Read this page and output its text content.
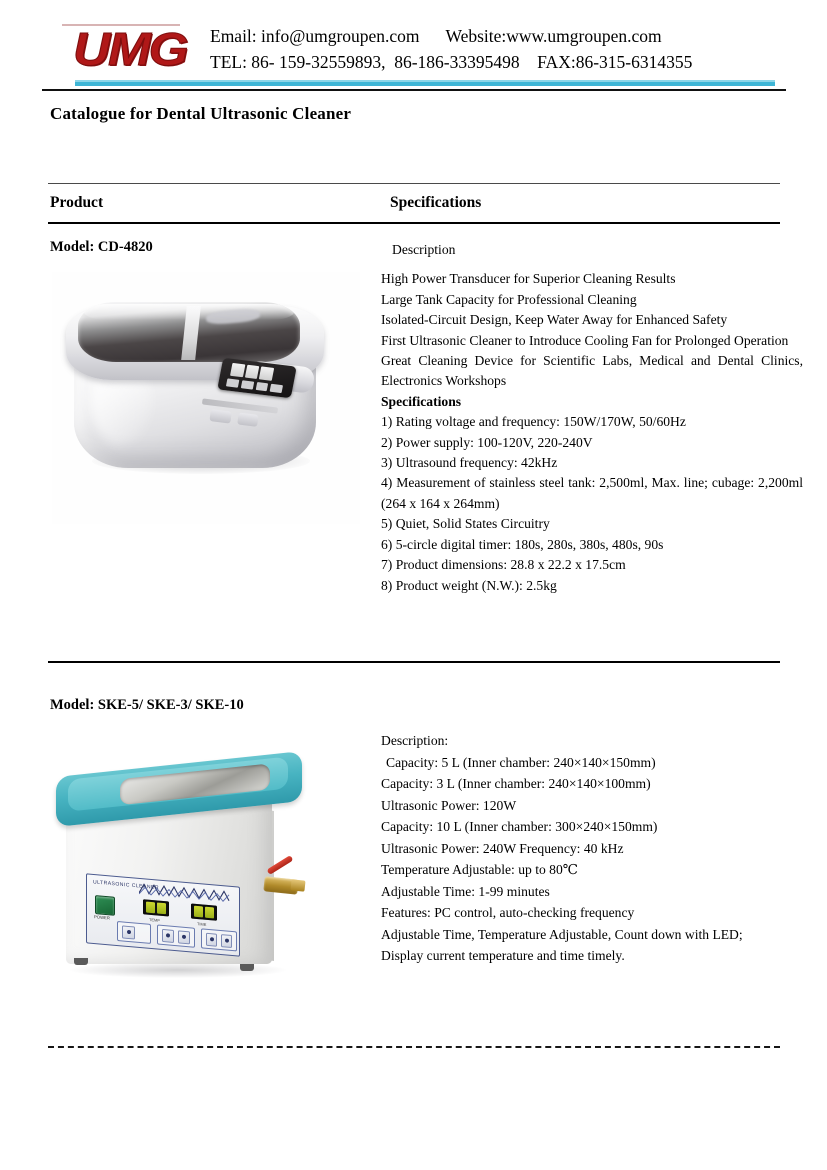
UMG	Email: info@umgroupen.com      Website:www.umgroupen.com
TEL: 86- 159-32559893,  86-186-33395498    FAX:86-315-6314355
Catalogue for Dental Ultrasonic Cleaner
Product	Specifications
Model: CD-4820	Description
High Power Transducer for Superior Cleaning Results
Large Tank Capacity for Professional Cleaning
Isolated-Circuit Design, Keep Water Away for Enhanced Safety
First Ultrasonic Cleaner to Introduce Cooling Fan for Prolonged Operation
Great Cleaning Device for Scientific Labs, Medical and Dental Clinics, Electronics Workshops
Specifications
1) Rating voltage and frequency: 150W/170W, 50/60Hz
2) Power supply: 100-120V, 220-240V
3) Ultrasound frequency: 42kHz
4) Measurement of stainless steel tank: 2,500ml, Max. line; cubage: 2,200ml (264 x 164 x 264mm)
5) Quiet, Solid States Circuitry
6) 5-circle digital timer: 180s, 280s, 380s, 480s, 90s
7) Product dimensions: 28.8 x 22.2 x 17.5cm
8) Product weight (N.W.): 2.5kg
Model: SKE-5/ SKE-3/ SKE-10
ULTRASONIC CLEANER
POWER	TEMP
TIME
Description:
Capacity: 5 L (Inner chamber: 240×140×150mm)
Capacity: 3 L (Inner chamber: 240×140×100mm)
Ultrasonic Power: 120W
Capacity: 10 L (Inner chamber: 300×240×150mm)
Ultrasonic Power: 240W Frequency: 40 kHz
Temperature Adjustable: up to 80℃
Adjustable Time: 1-99 minutes
Features: PC control, auto-checking frequency
Adjustable Time, Temperature Adjustable, Count down with LED;
Display current temperature and time timely.
